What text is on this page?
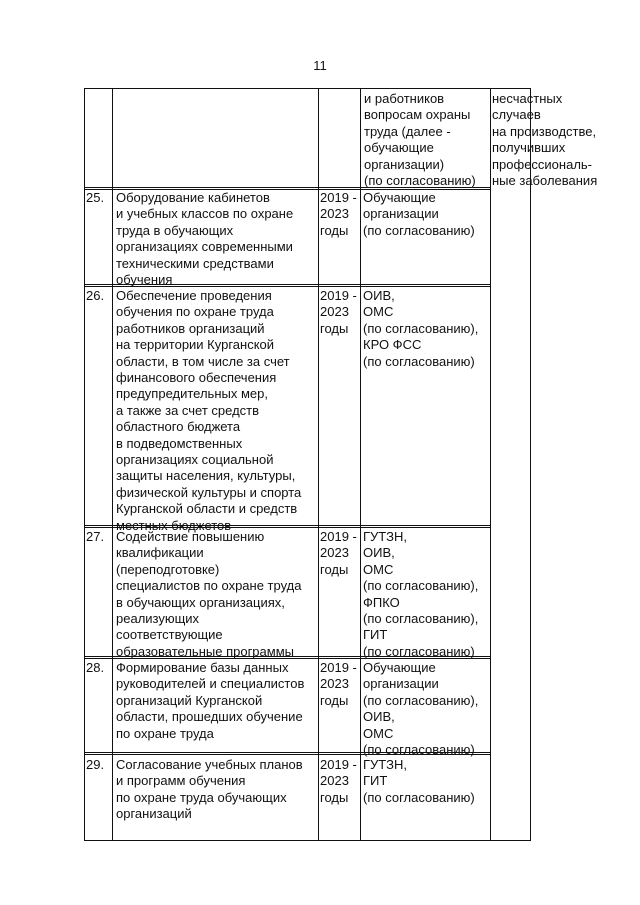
11

и работников
вопросам охраны
труда (далее -
обучающие
организации)
(по согласованию)

несчастных
случаев
на производстве,
получивших
профессиональ-
ные заболевания

25. Оборудование кабинетов
и учебных классов по охране
труда в обучающих
организациях современными
техническими средствами
обучения

2019 -
2023
годы

Обучающие
организации
(по согласованию)

26. Обеспечение проведения
обучения по охране труда
работников организаций
на территории Курганской
области, в том числе за счет
финансового обеспечения
предупредительных мер,
а также за счет средств
областного бюджета
в подведомственных
организациях социальной
защиты населения, культуры,
физической культуры и спорта
Курганской области и средств
местных бюджетов

2019 -
2023
годы

ОИВ,
ОМС
(по согласованию),
КРО ФСС
(по согласованию)

27. Содействие повышению
квалификации
(переподготовке)
специалистов по охране труда
в обучающих организациях,
реализующих
соответствующие
образовательные программы

2019 -
2023
годы

ГУТЗН,
ОИВ,
ОМС
(по согласованию),
ФПКО
(по согласованию),
ГИТ
(по согласованию)

28. Формирование базы данных
руководителей и специалистов
организаций Курганской
области, прошедших обучение
по охране труда

2019 -
2023
годы

Обучающие
организации
(по согласованию),
ОИВ,
ОМС
(по согласованию)

29. Согласование учебных планов
и программ обучения
по охране труда обучающих
организаций

2019 -
2023
годы

ГУТЗН,
ГИТ
(по согласованию)
